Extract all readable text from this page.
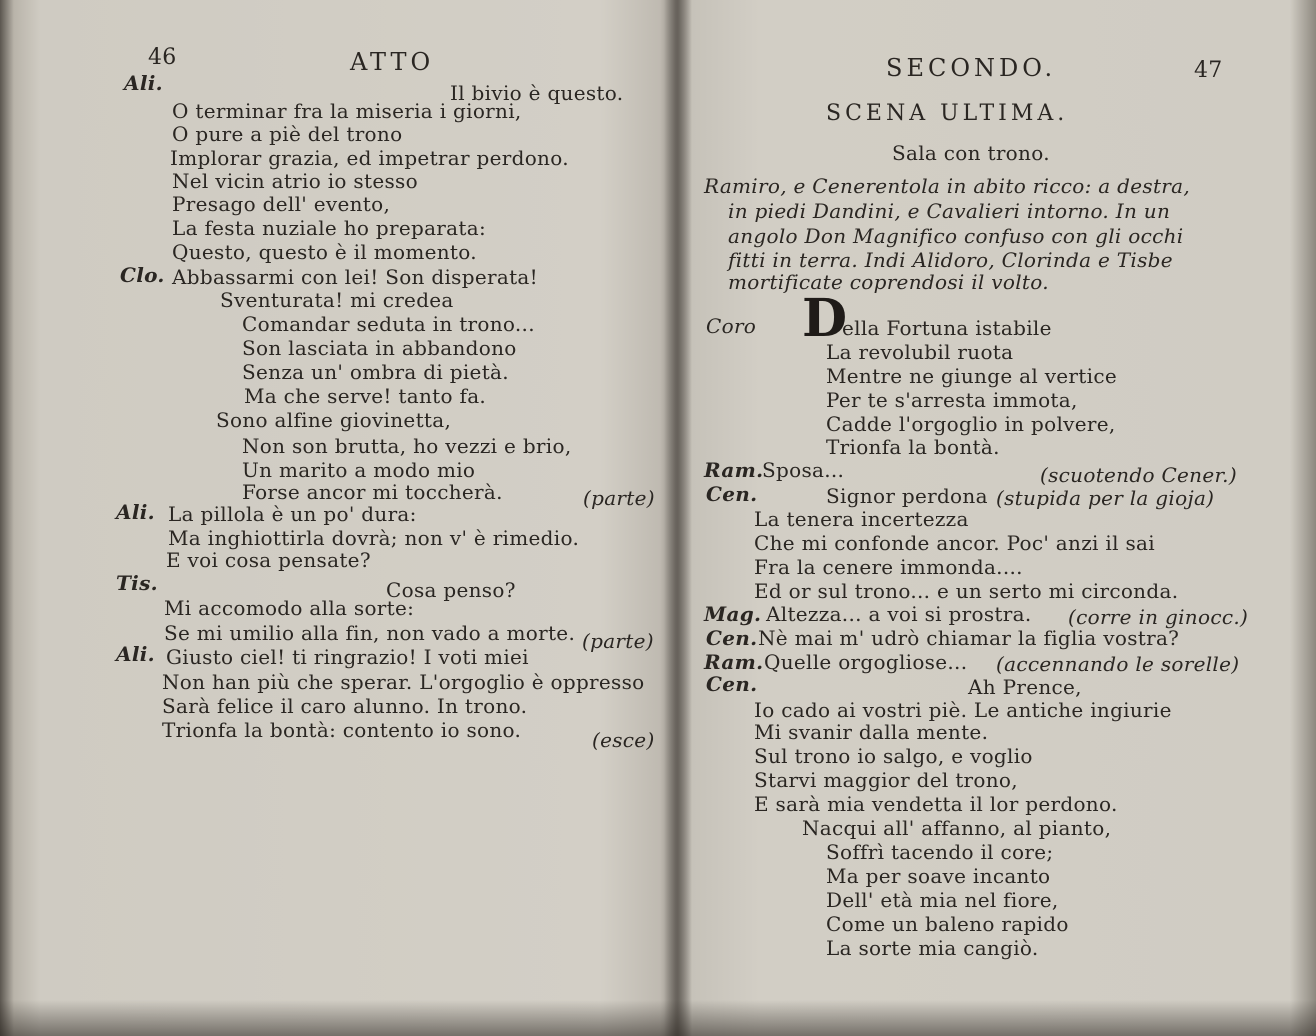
46	ATTO
Ali.	Il bivio è questo.
O terminar fra la miseria i giorni,
O pure a piè del trono
Implorar grazia, ed impetrar perdono.
Nel vicin atrio io stesso
Presago dell' evento,
La festa nuziale ho preparata:
Questo, questo è il momento.
Clo. Abbassarmi con lei! Son disperata!
Sventurata! mi credea
Comandar seduta in trono...
Son lasciata in abbandono
Senza un' ombra di pietà.
Ma che serve! tanto fa.
Sono alfine giovinetta,
Non son brutta, ho vezzi e brio,
Un marito a modo mio
Forse ancor mi toccherà.	(parte)
Ali. La pillola è un po' dura:
Ma inghiottirla dovrà; non v' è rimedio.
E voi cosa pensate?
Tis.	Cosa penso?
Mi accomodo alla sorte:
Se mi umilio alla fin, non vado a morte. (parte)
Ali. Giusto ciel! ti ringrazio! I voti miei
Non han più che sperar. L'orgoglio è oppresso
Sarà felice il caro alunno. In trono.
Trionfa la bontà: contento io sono.	(esce)
SECONDO.	47
SCENA ULTIMA.
Sala con trono.
Ramiro, e Cenerentola in abito ricco: a destra,
in piedi Dandini, e Cavalieri intorno. In un
angolo Don Magnifico confuso con gli occhi
fitti in terra. Indi Alidoro, Clorinda e Tisbe
mortificate coprendosi il volto.
Coro D
ella Fortuna istabile
La revolubil ruota
Mentre ne giunge al vertice
Per te s'arresta immota,
Cadde l'orgoglio in polvere,
Trionfa la bontà.
Ram.
Sposa...	(scuotendo Cener.)
Cen.	Signor perdona (stupida per la gioja)
La tenera incertezza
Che mi confonde ancor. Poc' anzi il sai
Fra la cenere immonda....
Ed or sul trono... e un serto mi circonda.
Mag. Altezza... a voi si prostra. (corre in ginocc.)
Cen. Nè mai m' udrò chiamar la figlia vostra?
Ram. Quelle orgogliose... (accennando le sorelle)
Cen.	Ah Prence,
Io cado ai vostri piè. Le antiche ingiurie
Mi svanir dalla mente.
Sul trono io salgo, e voglio
Starvi maggior del trono,
E sarà mia vendetta il lor perdono.
Nacqui all' affanno, al pianto,
Soffrì tacendo il core;
Ma per soave incanto
Dell' età mia nel fiore,
Come un baleno rapido
La sorte mia cangiò.
